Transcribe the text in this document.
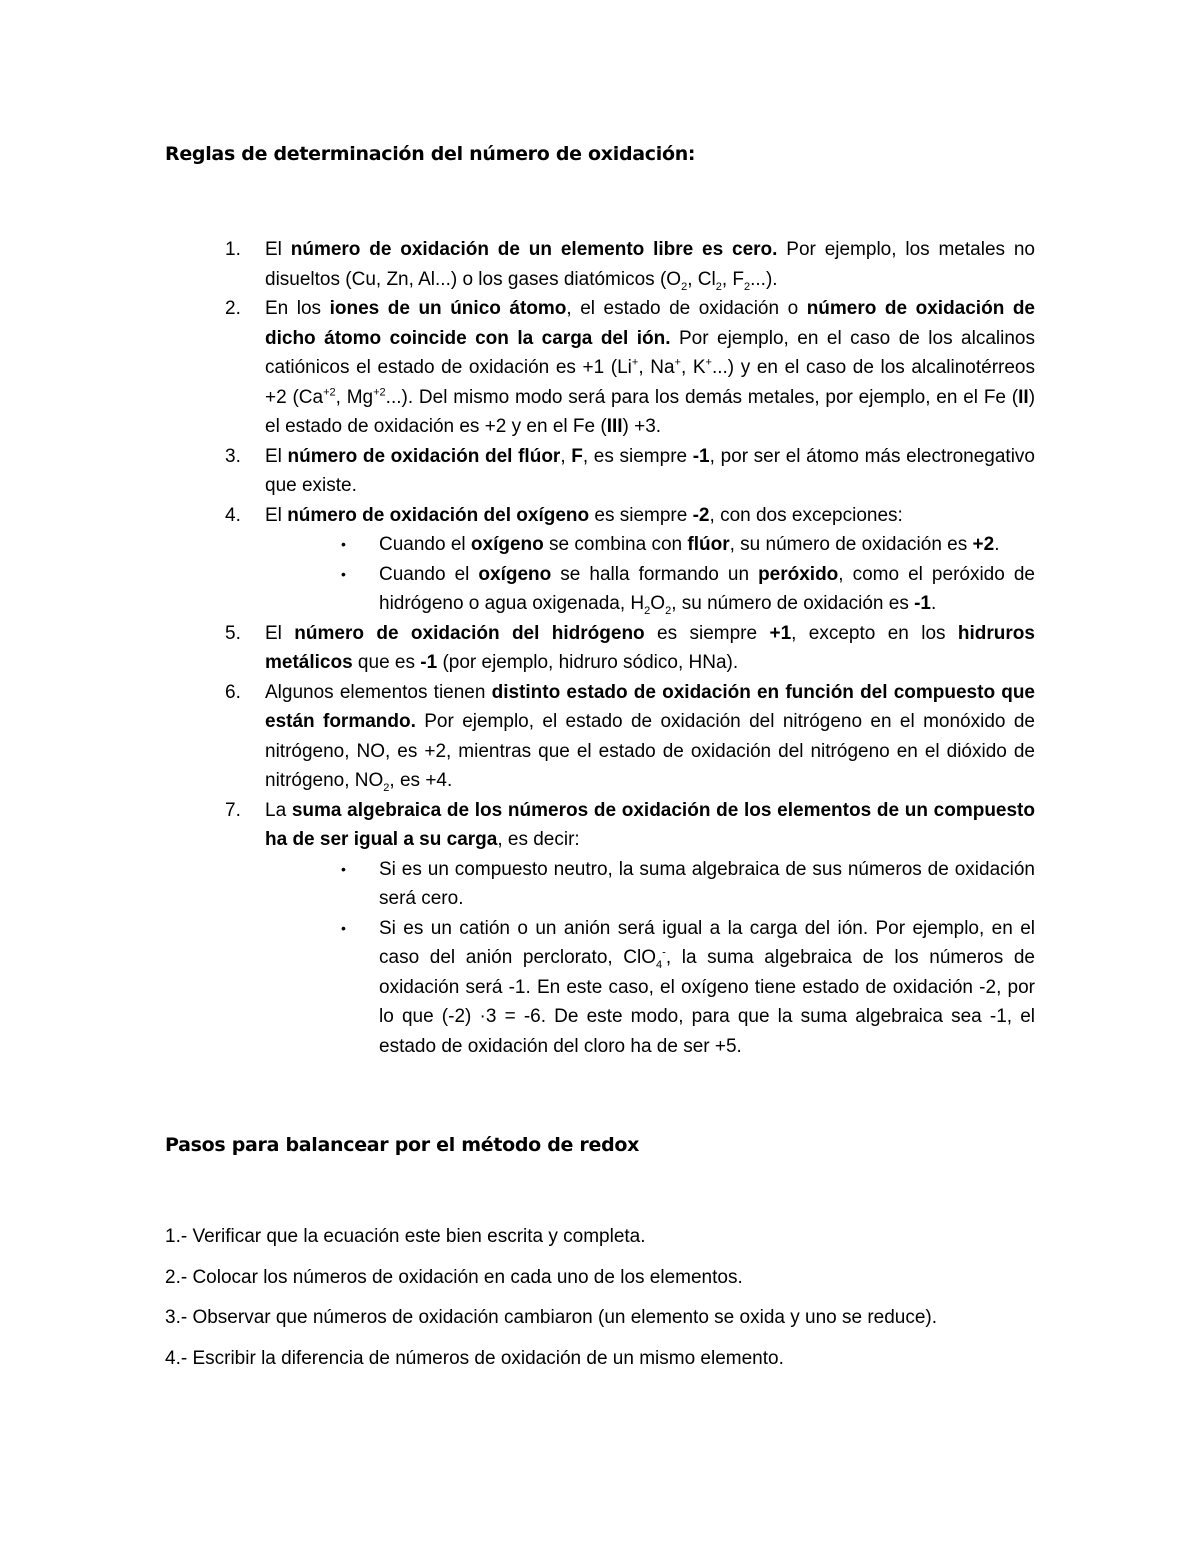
Reglas de determinación del número de oxidación:
1. El número de oxidación de un elemento libre es cero. Por ejemplo, los metales no disueltos (Cu, Zn, Al...) o los gases diatómicos ($O_2$, $Cl_2$, $F_2$...).
2. En los iones de un único átomo, el estado de oxidación o número de oxidación de dicho átomo coincide con la carga del ión. Por ejemplo, en el caso de los alcalinos catiónicos el estado de oxidación es +1 (Li+, Na+, K+...) y en el caso de los alcalinotérreos +2 ($Ca^{+2}$, $Mg^{+2}$...). Del mismo modo será para los demás metales, por ejemplo, en el Fe (II) el estado de oxidación es +2 y en el Fe (III) +3.
3. El número de oxidación del flúor, F, es siempre -1, por ser el átomo más electronegativo que existe.
4. El número de oxidación del oxígeno es siempre -2, con dos excepciones:
• Cuando el oxígeno se combina con flúor, su número de oxidación es +2.
• Cuando el oxígeno se halla formando un peróxido, como el peróxido de hidrógeno o agua oxigenada, $H_2O_2$, su número de oxidación es -1.
5. El número de oxidación del hidrógeno es siempre +1, excepto en los hidruros metálicos que es -1 (por ejemplo, hidruro sódico, HNa).
6. Algunos elementos tienen distinto estado de oxidación en función del compuesto que están formando. Por ejemplo, el estado de oxidación del nitrógeno en el monóxido de nitrógeno, NO, es +2, mientras que el estado de oxidación del nitrógeno en el dióxido de nitrógeno, $NO_2$, es +4.
7. La suma algebraica de los números de oxidación de los elementos de un compuesto ha de ser igual a su carga, es decir:
• Si es un compuesto neutro, la suma algebraica de sus números de oxidación será cero.
• Si es un catión o un anión será igual a la carga del ión. Por ejemplo, en el caso del anión perclorato, ClO$_4$-, la suma algebraica de los números de oxidación será -1. En este caso, el oxígeno tiene estado de oxidación -2, por lo que (-2) ·3 = -6. De este modo, para que la suma algebraica sea -1, el estado de oxidación del cloro ha de ser +5.
Pasos para balancear por el método de redox
1.- Verificar que la ecuación este bien escrita y completa.
2.- Colocar los números de oxidación en cada uno de los elementos.
3.- Observar que números de oxidación cambiaron (un elemento se oxida y uno se reduce).
4.- Escribir la diferencia de números de oxidación de un mismo elemento.
